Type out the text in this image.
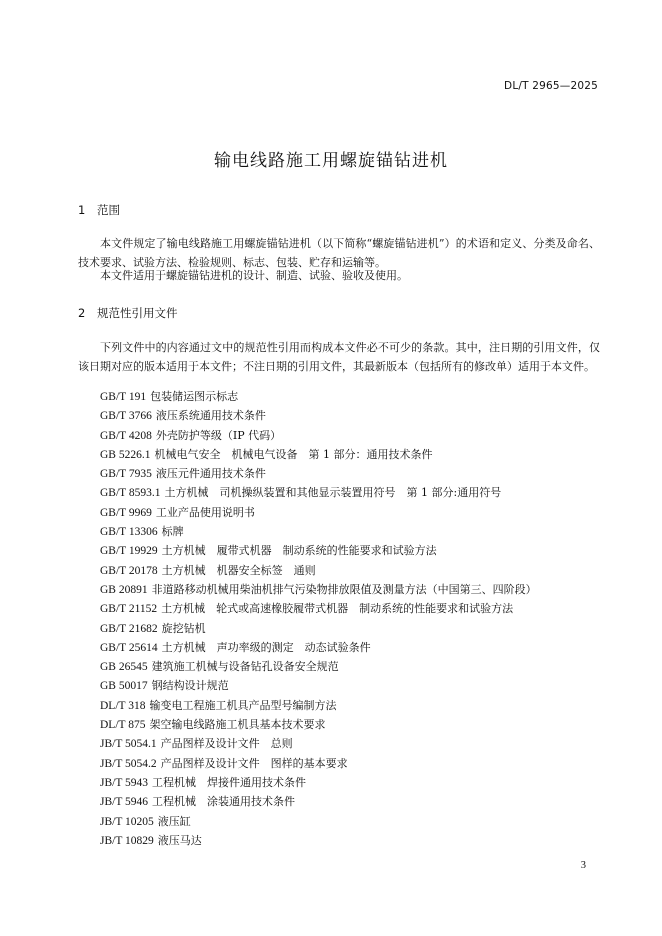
DL/T 2965—2025
输电线路施工用螺旋锚钻进机
1 范围

本文件规定了输电线路施工用螺旋锚钻进机（以下简称“螺旋锚钻进机”）的术语和定义、分类及命名、技术要求、试验方法、检验规则、标志、包装、贮存和运输等。

本文件适用于螺旋锚钻进机的设计、制造、试验、验收及使用。

2 规范性引用文件

下列文件中的内容通过文中的规范性引用而构成本文件必不可少的条款。其中，注日期的引用文件，仅该日期对应的版本适用于本文件；不注日期的引用文件，其最新版本（包括所有的修改单）适用于本文件。

GB/T 191 包装储运图示标志
GB/T 3766 液压系统通用技术条件
GB/T 4208 外壳防护等级（IP 代码）
GB 5226.1 机械电气安全　机械电气设备　第 1 部分：通用技术条件
GB/T 7935 液压元件通用技术条件
GB/T 8593.1 土方机械　司机操纵装置和其他显示装置用符号　第 1 部分:通用符号
GB/T 9969 工业产品使用说明书
GB/T 13306 标牌
GB/T 19929 土方机械　履带式机器　制动系统的性能要求和试验方法
GB/T 20178 土方机械　机器安全标签　通则
GB 20891 非道路移动机械用柴油机排气污染物排放限值及测量方法（中国第三、四阶段）
GB/T 21152 土方机械　轮式或高速橡胶履带式机器　制动系统的性能要求和试验方法
GB/T 21682 旋挖钻机
GB/T 25614 土方机械　声功率级的测定　动态试验条件
GB 26545 建筑施工机械与设备钻孔设备安全规范
GB 50017 钢结构设计规范
DL/T 318 输变电工程施工机具产品型号编制方法
DL/T 875 架空输电线路施工机具基本技术要求
JB/T 5054.1 产品图样及设计文件　总则
JB/T 5054.2 产品图样及设计文件　图样的基本要求
JB/T 5943 工程机械　焊接件通用技术条件
JB/T 5946 工程机械　涂装通用技术条件
JB/T 10205 液压缸
JB/T 10829 液压马达
3
